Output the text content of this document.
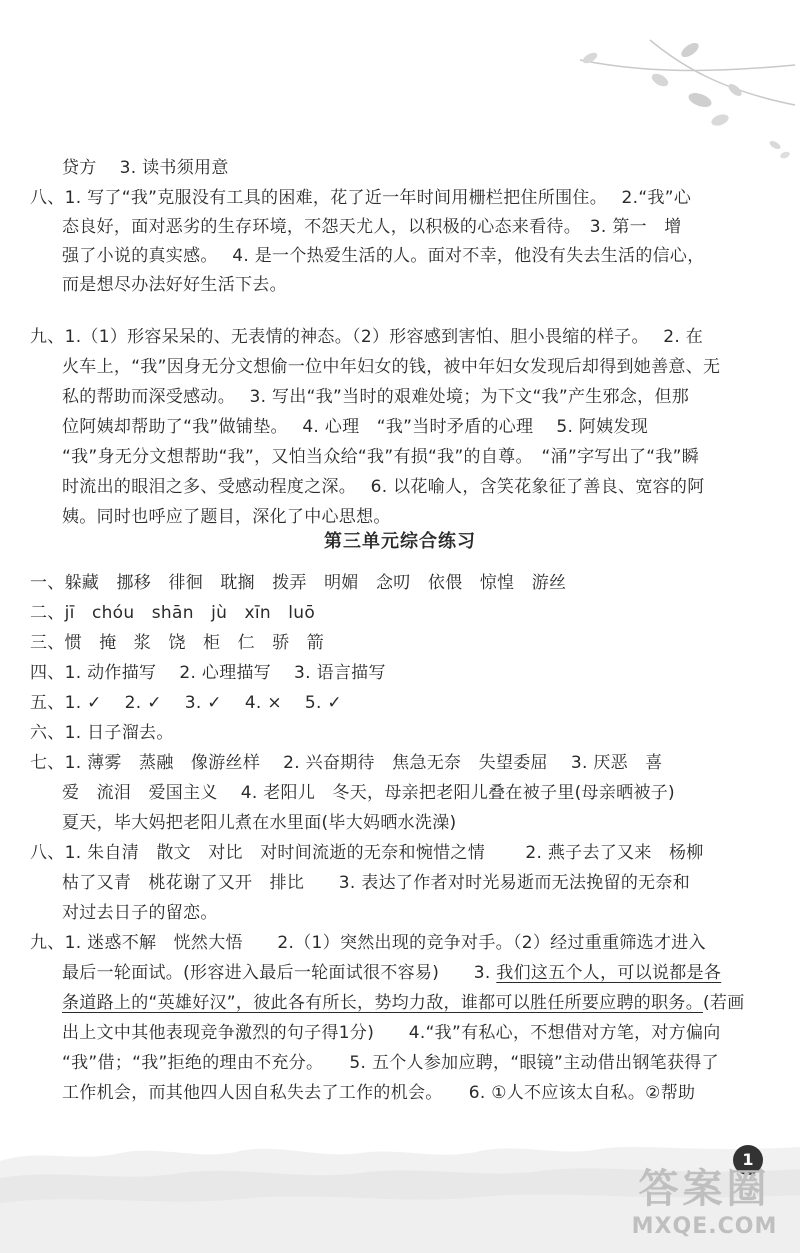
贷方　 3. 读书须用意
八、1. 写了“我”克服没有工具的困难，花了近一年时间用栅栏把住所围住。　 2.“我”心
态良好，面对恶劣的生存环境，不怨天尤人，以积极的心态来看待。　3. 第一　增
强了小说的真实感。　 4. 是一个热爱生活的人。面对不幸，他没有失去生活的信心，
而是想尽办法好好生活下去。
九、1.（1）形容呆呆的、无表情的神态。（2）形容感到害怕、胆小畏缩的样子。　 2. 在
火车上，“我”因身无分文想偷一位中年妇女的钱，被中年妇女发现后却得到她善意、无
私的帮助而深受感动。　 3. 写出“我”当时的艰难处境；为下文“我”产生邪念，但那
位阿姨却帮助了“我”做铺垫。　 4. 心理　“我”当时矛盾的心理　 5. 阿姨发现
“我”身无分文想帮助“我”，又怕当众给“我”有损“我”的自尊。　“涌”字写出了“我”瞬
时流出的眼泪之多、受感动程度之深。　 6. 以花喻人，含笑花象征了善良、宽容的阿
姨。同时也呼应了题目，深化了中心思想。
第三单元综合练习
一、躲藏　挪移　徘徊　耽搁　拨弄　明媚　念叨　依偎　惊惶　游丝
二、jī　chóu　shān　jù　xīn　luō
三、惯　掩　浆　饶　柜　仁　骄　箭
四、1. 动作描写　 2. 心理描写　 3. 语言描写
五、1. ✓　 2. ✓　 3. ✓　 4. ×　 5. ✓
六、1. 日子溜去。
七、1. 薄雾　蒸融　像游丝样　 2. 兴奋期待　焦急无奈　失望委屈　 3. 厌恶　喜
爱　流泪　爱国主义　 4. 老阳儿　冬天，母亲把老阳儿叠在被子里(母亲晒被子)
夏天，毕大妈把老阳儿煮在水里面(毕大妈晒水洗澡)
八、1. 朱自清　散文　对比　对时间流逝的无奈和惋惜之情　　 2. 燕子去了又来　杨柳
枯了又青　桃花谢了又开　排比　　3. 表达了作者对时光易逝而无法挽留的无奈和
对过去日子的留恋。
九、1. 迷惑不解　恍然大悟　　2.（1）突然出现的竞争对手。（2）经过重重筛选才进入
最后一轮面试。(形容进入最后一轮面试很不容易)　　3. 我们这五个人，可以说都是各
条道路上的“英雄好汉”，彼此各有所长，势均力敌，谁都可以胜任所要应聘的职务。(若画
出上文中其他表现竞争激烈的句子得1分)　　4.“我”有私心，不想借对方笔，对方偏向
“我”借；“我”拒绝的理由不充分。　　5. 五个人参加应聘，“眼镜”主动借出钢笔获得了
工作机会，而其他四人因自私失去了工作的机会。　　6. ①人不应该太自私。②帮助
1
答案圈
MXQE.COM
